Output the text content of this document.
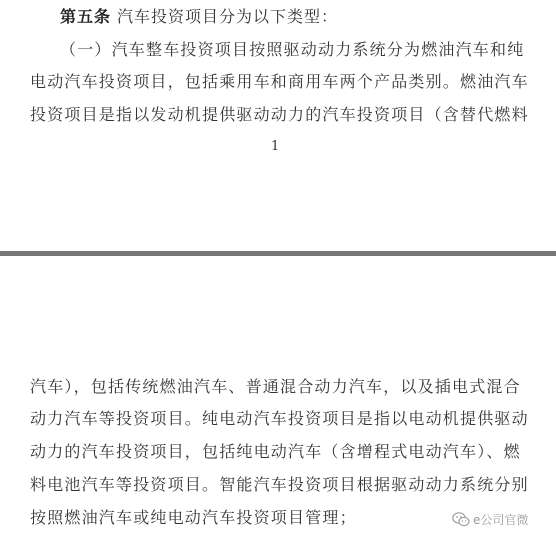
第五条 汽车投资项目分为以下类型：
（一）汽车整车投资项目按照驱动动力系统分为燃油汽车和纯
电动汽车投资项目，包括乘用车和商用车两个产品类别。燃油汽车
投资项目是指以发动机提供驱动动力的汽车投资项目（含替代燃料
1
汽车），包括传统燃油汽车、普通混合动力汽车，以及插电式混合
动力汽车等投资项目。纯电动汽车投资项目是指以电动机提供驱动
动力的汽车投资项目，包括纯电动汽车（含增程式电动汽车）、燃
料电池汽车等投资项目。智能汽车投资项目根据驱动动力系统分别
按照燃油汽车或纯电动汽车投资项目管理；	e公司官微
